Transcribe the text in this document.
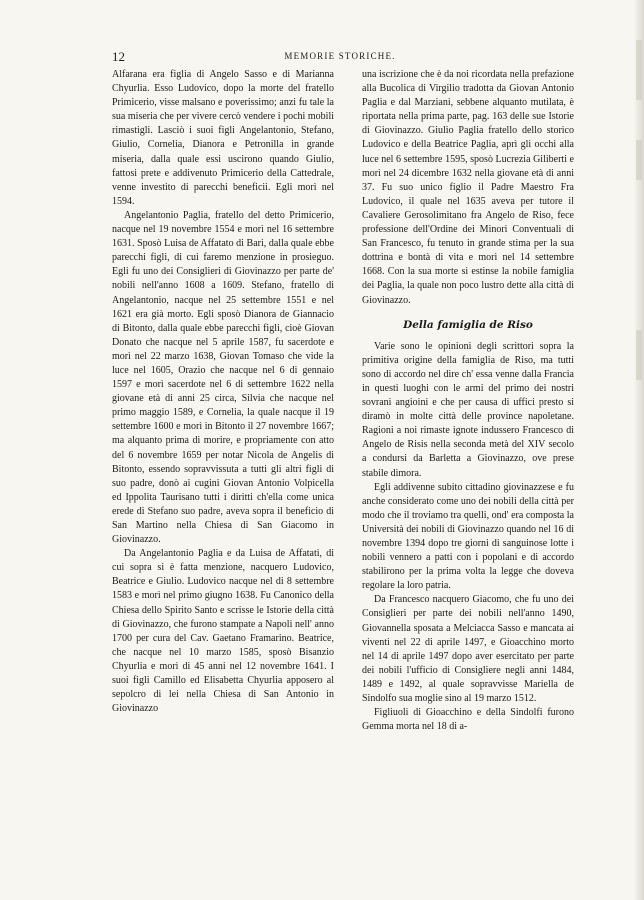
12	MEMORIE STORICHE.

Alfarana era figlia di Angelo Sasso e di Marianna Chyurlia. Esso Ludovico, dopo la morte del fratello Primicerio, visse malsano e poverissimo; anzi fu tale la sua miseria che per vivere cercò vendere i pochi mobili rimastigli. Lasciò i suoi figli Angelantonio, Stefano, Giulio, Cornelia, Dianora e Petronilla in grande miseria, dalla quale essi uscirono quando Giulio, fattosi prete e addivenuto Primicerio della Cattedrale, venne investito di parecchi beneficii. Egli morì nel 1594.

Angelantonio Paglia, fratello del detto Primicerio, nacque nel 19 novembre 1554 e morì nel 16 settembre 1631. Sposò Luisa de Affatato di Bari, dalla quale ebbe parecchi figli, di cui faremo menzione in prosieguo. Egli fu uno dei Consiglieri di Giovinazzo per parte de' nobili nell'anno 1608 a 1609. Stefano, fratello di Angelantonio, nacque nel 25 settembre 1551 e nel 1621 era già morto. Egli sposò Dianora de Giannacio di Bitonto, dalla quale ebbe parecchi figli, cioè Giovan Donato che nacque nel 5 aprile 1587, fu sacerdote e morì nel 22 marzo 1638, Giovan Tomaso che vide la luce nel 1605, Orazio che nacque nel 6 di gennaio 1597 e morì sacerdote nel 6 di settembre 1622 nella giovane età di anni 25 circa, Silvia che nacque nel primo maggio 1589, e Cornelia, la quale nacque il 19 settembre 1600 e morì in Bitonto il 27 novembre 1667; ma alquanto prima di morire, e propriamente con atto del 6 novembre 1659 per notar Nicola de Angelis di Bitonto, essendo sopravvissuta a tutti gli altri figli di suo padre, donò ai cugini Giovan Antonio Volpicella ed Ippolita Taurisano tutti i diritti ch'ella come unica erede di Stefano suo padre, aveva sopra il beneficio di San Martino nella Chiesa di San Giacomo in Giovinazzo.

Da Angelantonio Paglia e da Luisa de Affatati, di cui sopra si è fatta menzione, nacquero Ludovico, Beatrice e Giulio. Ludovico nacque nel di 8 settembre 1583 e morì nel primo giugno 1638. Fu Canonico della Chiesa dello Spirito Santo e scrisse le Istorie della città di Giovinazzo, che furono stampate a Napoli nell' anno 1700 per cura del Cav. Gaetano Framarino. Beatrice, che nacque nel 10 marzo 1585, sposò Bisanzio Chyurlia e morì di 45 anni nel 12 novembre 1641. I suoi figli Camillo ed Elisabetta Chyurlia apposero al sepolcro di lei nella Chiesa di San Antonio in Giovinazzo

una iscrizione che è da noi ricordata nella prefazione alla Bucolica di Virgilio tradotta da Giovan Antonio Paglia e dal Marziani, sebbene alquanto mutilata, è riportata nella prima parte, pag. 163 delle sue Istorie di Giovinazzo. Giulio Paglia fratello dello storico Ludovico e della Beatrice Paglia, aprì gli occhi alla luce nel 6 settembre 1595, sposò Lucrezia Giliberti e morì nel 24 dicembre 1632 nella giovane età di anni 37. Fu suo unico figlio il Padre Maestro Fra Ludovico, il quale nel 1635 aveva per tutore il Cavaliere Gerosolimitano fra Angelo de Riso, fece professione dell'Ordine dei Minori Conventuali di San Francesco, fu tenuto in grande stima per la sua dottrina e bontà di vita e morì nel 14 settembre 1668. Con la sua morte si estinse la nobile famiglia dei Paglia, la quale non poco lustro dette alla città di Giovinazzo.

Della famiglia de Riso

Varie sono le opinioni degli scrittori sopra la primitiva origine della famiglia de Riso, ma tutti sono di accordo nel dire ch' essa venne dalla Francia in questi luoghi con le armi del primo dei nostri sovrani angioini e che per causa di uffici presto si diramò in molte città delle province napoletane. Ragioni a noi rimaste ignote indussero Francesco di Angelo de Risis nella seconda metà del XIV secolo a condursi da Barletta a Giovinazzo, ove prese stabile dimora.

Egli addivenne subito cittadino giovinazzese e fu anche considerato come uno dei nobili della città per modo che il troviamo tra quelli, ond' era composta la Università dei nobili di Giovinazzo quando nel 16 di novembre 1394 dopo tre giorni di sanguinose lotte i nobili vennero a patti con i popolani e di accordo stabilirono per la prima volta la legge che doveva regolare la loro patria.

Da Francesco nacquero Giacomo, che fu uno dei Consiglieri per parte dei nobili nell'anno 1490, Giovannella sposata a Melciacca Sasso e mancata ai viventi nel 22 di aprile 1497, e Gioacchino morto nel 14 di aprile 1497 dopo aver esercitato per parte dei nobili l'ufficio di Consigliere negli anni 1484, 1489 e 1492, al quale sopravvisse Mariella de Sindolfo sua moglie sino al 19 marzo 1512.

Figliuoli di Gioacchino e della Sindolfi furono Gemma morta nel 18 di a-
